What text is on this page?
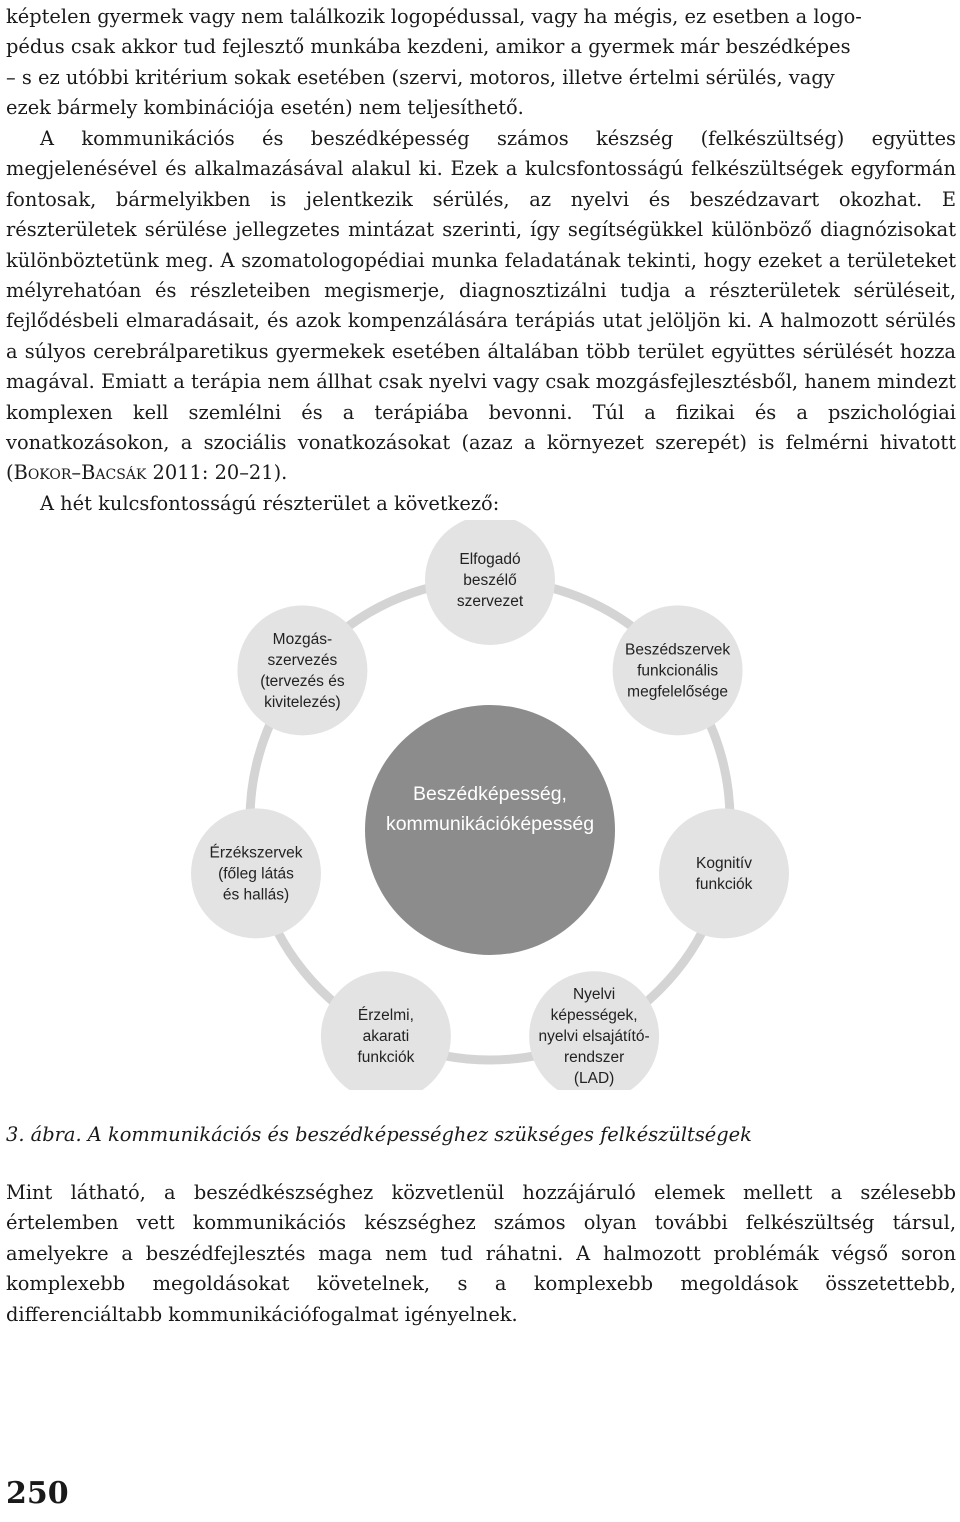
képtelen gyermek vagy nem találkozik logopédussal, vagy ha mégis, ez esetben a logo-

pédus csak akkor tud fejlesztő munkába kezdeni, amikor a gyermek már beszédképes

– s ez utóbbi kritérium sokak esetében (szervi, motoros, illetve értelmi sérülés, vagy

ezek bármely kombinációja esetén) nem teljesíthető.

A kommunikációs és beszédképesség számos készség (felkészültség) együttes megjelenésével és alkalmazásával alakul ki. Ezek a kulcsfontosságú felkészültségek egyformán fontosak, bármelyikben is jelentkezik sérülés, az nyelvi és beszédzavart okozhat. E részterületek sérülése jellegzetes mintázat szerinti, így segítségükkel különböző diagnózisokat különböztetünk meg. A szomatologopédiai munka feladatának tekinti, hogy ezeket a területeket mélyrehatóan és részleteiben megismerje, diagnosztizálni tudja a részterületek sérüléseit, fejlődésbeli elmaradásait, és azok kompenzálására terápiás utat jelöljön ki. A halmozott sérülés a súlyos cerebrálparetikus gyermekek esetében általában több terület együttes sérülését hozza magával. Emiatt a terápia nem állhat csak nyelvi vagy csak mozgásfejlesztésből, hanem mindezt komplexen kell szemlélni és a terápiába bevonni. Túl a fizikai és a pszichológiai vonatkozásokon, a szociális vonatkozásokat (azaz a környezet szerepét) is felmérni hivatott (Bokor–Bacsák 2011: 20–21).

A hét kulcsfontosságú részterület a következő:

Beszédképesség,
kommunikációképesség
Elfogadó
beszélő
szervezet
Beszédszervek
funkcionális
megfelelősége
Kognitív
funkciók
Nyelvi
képességek,
nyelvi elsajátító-
rendszer
(LAD)
Érzelmi,
akarati
funkciók
Érzékszervek
(főleg látás
és hallás)
Mozgás-
szervezés
(tervezés és
kivitelezés)
3. ábra. A kommunikációs és beszédképességhez szükséges felkészültségek

Mint látható, a beszédkészséghez közvetlenül hozzájáruló elemek mellett a szélesebb értelemben vett kommunikációs készséghez számos olyan további felkészültség társul, amelyekre a beszédfejlesztés maga nem tud ráhatni. A halmozott problémák végső soron komplexebb megoldásokat követelnek, s a komplexebb megoldások összetettebb, differenciáltabb kommunikációfogalmat igényelnek.

250
